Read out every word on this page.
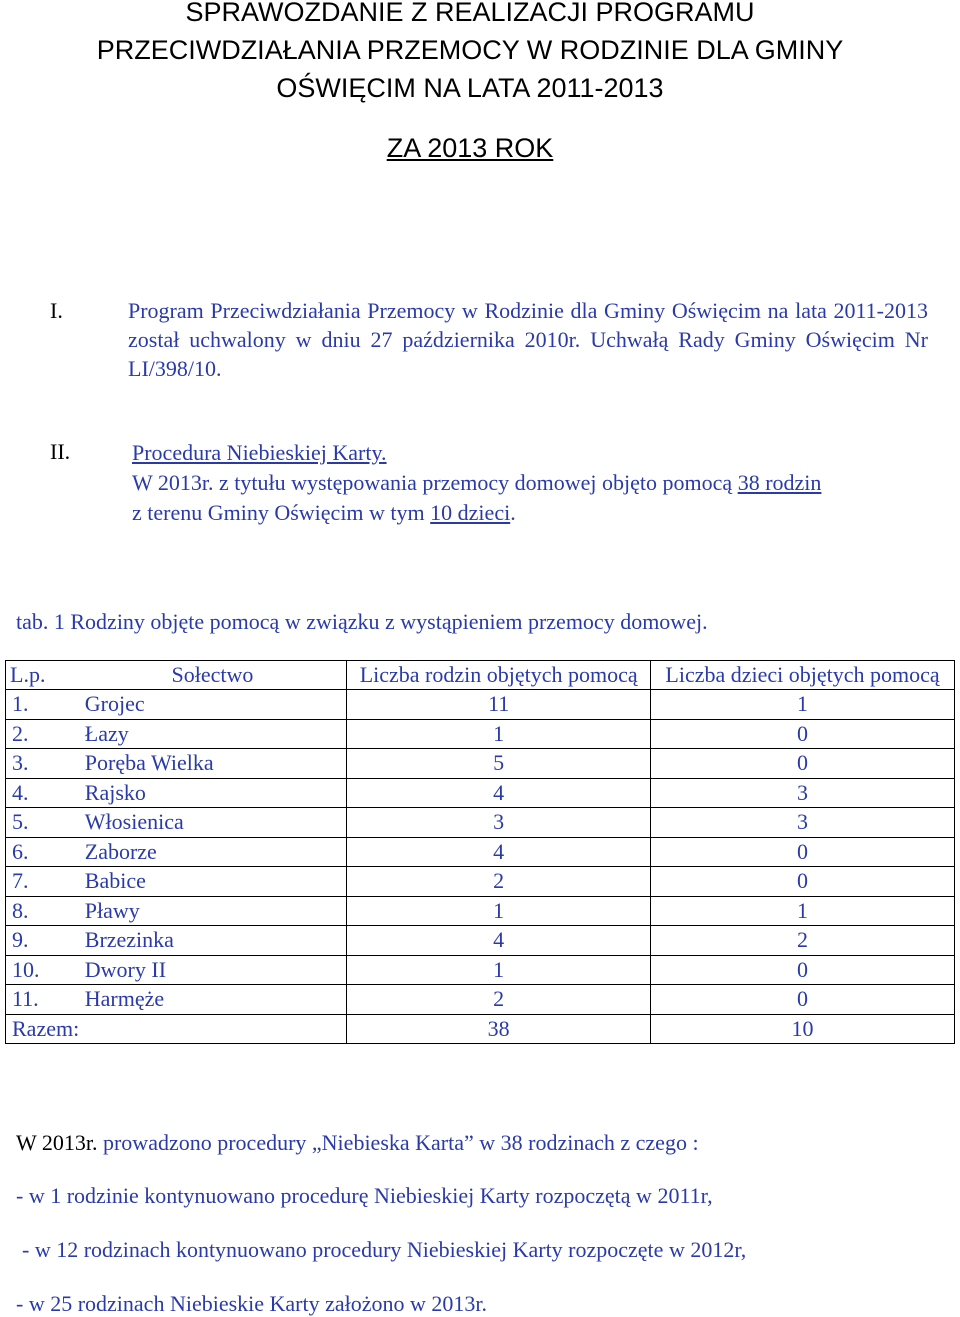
SPRAWOZDANIE Z REALIZACJI PROGRAMU
PRZECIWDZIAŁANIA PRZEMOCY W RODZINIE DLA GMINY
OŚWIĘCIM NA LATA 2011-2013
ZA 2013 ROK
I.	Program Przeciwdziałania Przemocy w Rodzinie dla Gminy Oświęcim na lata 2011-2013 został uchwalony w dniu 27 października 2010r. Uchwałą Rady Gminy Oświęcim Nr LI/398/10.
II.	Procedura Niebieskiej Karty.
W 2013r. z tytułu występowania przemocy domowej objęto pomocą 38 rodzin
z terenu Gminy Oświęcim w tym 10 dzieci.
tab. 1 Rodziny objęte pomocą w związku z wystąpieniem przemocy domowej.
L.p.	Sołectwo	Liczba rodzin objętych pomocą	Liczba dzieci objętych pomocą
1.	Grojec	11	1
2.	Łazy	1	0
3.	Poręba Wielka	5	0
4.	Rajsko	4	3
5.	Włosienica	3	3
6.	Zaborze	4	0
7.	Babice	2	0
8.	Pławy	1	1
9.	Brzezinka	4	2
10.	Dwory II	1	0
11.	Harmęże	2	0
Razem:		38	10
W 2013r. prowadzono procedury „Niebieska Karta” w 38 rodzinach z czego :
- w 1 rodzinie kontynuowano procedurę Niebieskiej Karty rozpoczętą w 2011r,
- w 12 rodzinach kontynuowano procedury Niebieskiej Karty rozpoczęte w 2012r,
- w 25 rodzinach Niebieskie Karty założono w 2013r.
